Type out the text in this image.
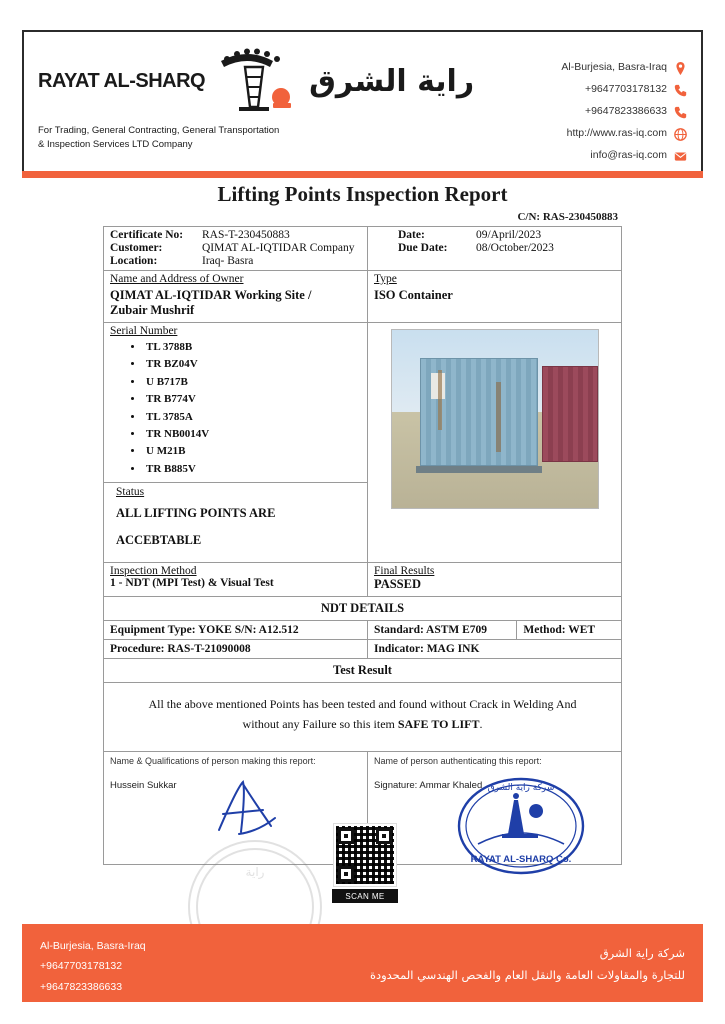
RAYAT AL-SHARQ	راية الشرق
For Trading, General Contracting, General Transportation
& Inspection Services LTD Company
Al-Burjesia, Basra-Iraq
+9647703178132
+9647823386633
http://www.ras-iq.com
info@ras-iq.com
Lifting Points Inspection Report
C/N: RAS-230450883
Certificate No:	RAS-T-230450883
Customer:	QIMAT AL-IQTIDAR Company
Location:	Iraq- Basra
Date:	09/April/2023
Due Date:	08/October/2023
Name and Address of Owner
QIMAT AL-IQTIDAR Working Site /
Zubair Mushrif
Type
ISO Container
Serial Number
• TL 3788B
• TR BZ04V
• U B717B
• TR B774V
• TL 3785A
• TR NB0014V
• U M21B
• TR B885V
Status
ALL LIFTING POINTS ARE
ACCEBTABLE
Inspection Method
1 - NDT (MPI Test) & Visual Test
Final Results
PASSED
NDT DETAILS
Equipment Type: YOKE S/N: A12.512	Standard: ASTM E709	Method: WET
Procedure: RAS-T-21090008	Indicator: MAG INK
Test Result
All the above mentioned Points has been tested and found without Crack in Welding And
without any Failure so this item SAFE TO LIFT.
Name & Qualifications of person making this report:
Hussein Sukkar
Name of person authenticating this report:
Signature: Ammar Khaled
RAYAT AL-SHARQ Co.
شركة راية الشرق
راية
SCAN ME
Al-Burjesia, Basra-Iraq
+9647703178132
+9647823386633
شركة راية الشرق
للتجارة والمقاولات العامة والنقل العام والفحص الهندسي المحدودة
